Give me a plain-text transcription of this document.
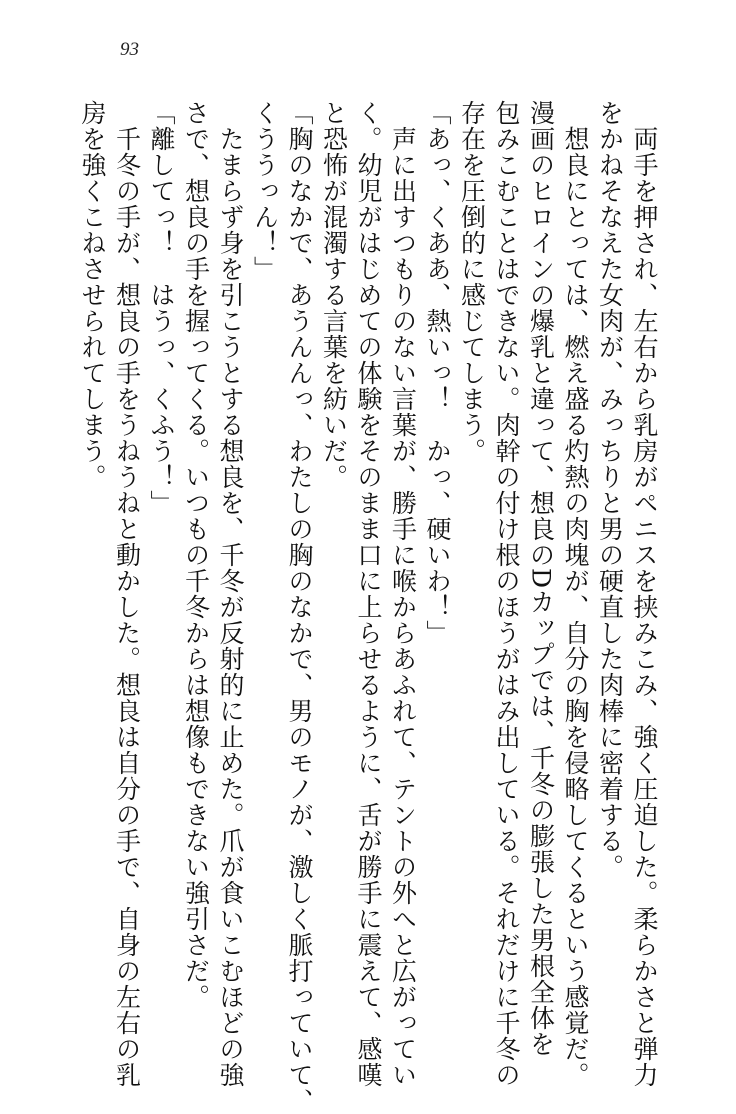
93
　両手を押され、左右から乳房がペニスを挟みこみ、強く圧迫した。柔らかさと弾力
をかねそなえた女肉が、みっちりと男の硬直した肉棒に密着する。
　想良にとっては、燃え盛る灼熱の肉塊が、自分の胸を侵略してくるという感覚だ。
漫画のヒロインの爆乳と違って、想良のDカップでは、千冬の膨張した男根全体を
包みこむことはできない。肉幹の付け根のほうがはみ出している。それだけに千冬の
存在を圧倒的に感じてしまう。
「あっ、くああ、熱いっ！　かっ、硬いわ！」
　声に出すつもりのない言葉が、勝手に喉からあふれて、テントの外へと広がってい
く。幼児がはじめての体験をそのまま口に上らせるように、舌が勝手に震えて、感嘆
と恐怖が混濁する言葉を紡いだ。
「胸のなかで、あうんんっ、わたしの胸のなかで、男のモノが、激しく脈打っていて、
くううっん！」
　たまらず身を引こうとする想良を、千冬が反射的に止めた。爪が食いこむほどの強
さで、想良の手を握ってくる。いつもの千冬からは想像もできない強引さだ。
「離してっ！　はうっ、くふう！」
　千冬の手が、想良の手をうねうねと動かした。想良は自分の手で、自身の左右の乳
房を強くこねさせられてしまう。
